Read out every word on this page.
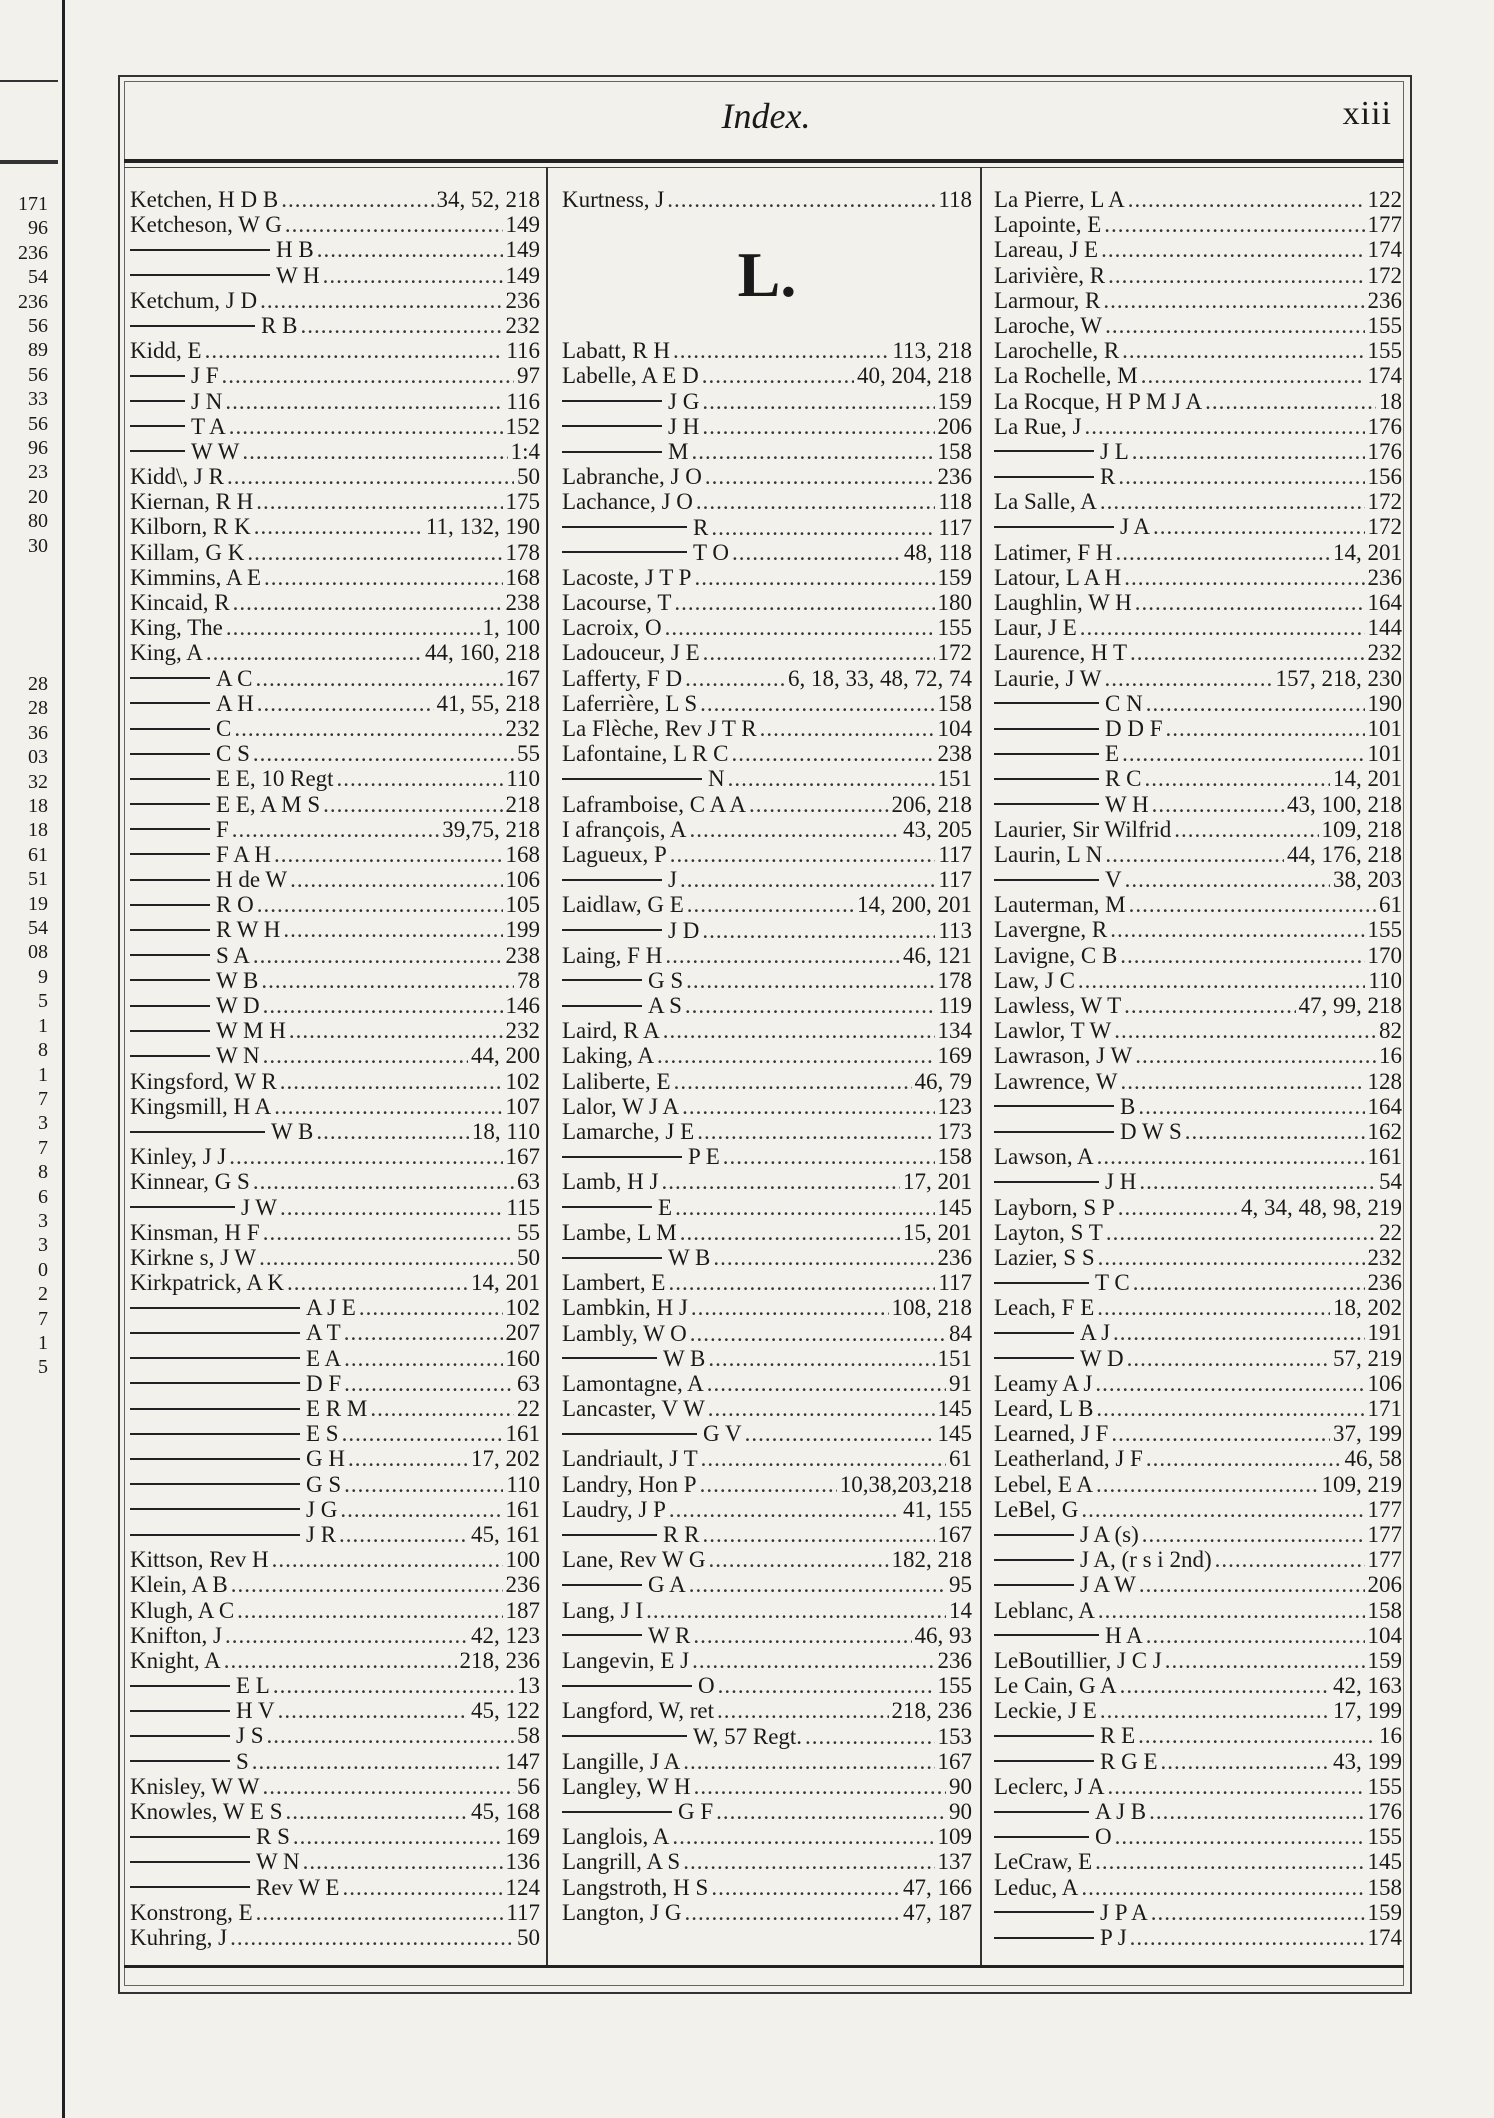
171
96
236
54
236
56
89
56
33
56
96
23
20
80
30
28
28
36
03
32
18
18
61
51
19
54
08
9
5
1
8
1
7
3
7
8
6
3
3
0
2
7
1
5

Index.	xiii
Ketchen, H D B .....	34, 52, 218
Ketcheson, W G .....	149
H B .....	149
W H .....	149
Ketchum, J D .....	236
R B .....	232
Kidd, E .....	116
J F .....	97
J N .....	116
T A .....	152
W W .....	1:4
Kidd\, J R .....	50
Kiernan, R H .....	175
Kilborn, R K .....	11, 132, 190
Killam, G K .....	178
Kimmins, A E .....	168
Kincaid, R .....	238
King, The .....	1, 100
King, A .....	44, 160, 218
A C .....	167
A H .....	41, 55, 218
C .....	232
C S .....	55
E E, 10 Regt .....	110
E E, A M S .....	218
F .....	39,75, 218
F A H .....	168
H de W .....	106
R O .....	105
R W H .....	199
S A .....	238
W B .....	78
W D .....	146
W M H .....	232
W N .....	44, 200
Kingsford, W R .....	102
Kingsmill, H A .....	107
W B .....	18, 110
Kinley, J J .....	167
Kinnear, G S .....	63
J W .....	115
Kinsman, H F .....	55
Kirkne s, J W .....	50
Kirkpatrick, A K .....	14, 201
A J E .....	102
A T .....	207
E A .....	160
D F .....	63
E R M .....	22
E S .....	161
G H .....	17, 202
G S .....	110
J G .....	161
J R .....	45, 161
Kittson, Rev H .....	100
Klein, A B .....	236
Klugh, A C .....	187
Knifton, J .....	42, 123
Knight, A .....	218, 236
E L .....	13
H V .....	45, 122
J S .....	58
S .....	147
Knisley, W W .....	56
Knowles, W E S .....	45, 168
R S .....	169
W N .....	136
Rev W E .....	124
Konstrong, E .....	117
Kuhring, J .....	50
Kurtness, J .....	118
L.
Labatt, R H .....	113, 218
Labelle, A E D .....	40, 204, 218
J G .....	159
J H .....	206
M .....	158
Labranche, J O .....	236
Lachance, J O .....	118
R .....	117
T O .....	48, 118
Lacoste, J T P .....	159
Lacourse, T .....	180
Lacroix, O .....	155
Ladouceur, J E .....	172
Lafferty, F D .....	6, 18, 33, 48, 72, 74
Laferrière, L S .....	158
La Flèche, Rev J T R .....	104
Lafontaine, L R C .....	238
N .....	151
Laframboise, C A A .....	206, 218
I afrançois, A .....	43, 205
Lagueux, P .....	117
J .....	117
Laidlaw, G E .....	14, 200, 201
J D .....	113
Laing, F H .....	46, 121
G S .....	178
A S .....	119
Laird, R A .....	134
Laking, A .....	169
Laliberte, E .....	46, 79
Lalor, W J A .....	123
Lamarche, J E .....	173
P E .....	158
Lamb, H J .....	17, 201
E .....	145
Lambe, L M .....	15, 201
W B .....	236
Lambert, E .....	117
Lambkin, H J .....	108, 218
Lambly, W O .....	84
W B .....	151
Lamontagne, A .....	91
Lancaster, V W .....	145
G V .....	145
Landriault, J T .....	61
Landry, Hon P .....	10,38,203,218
Laudry, J P .....	41, 155
R R .....	167
Lane, Rev W G .....	182, 218
G A .....	95
Lang, J I .....	14
W R .....	46, 93
Langevin, E J .....	236
O .....	155
Langford, W, ret .....	218, 236
W, 57 Regt. .....	153
Langille, J A .....	167
Langley, W H .....	90
G F .....	90
Langlois, A .....	109
Langrill, A S .....	137
Langstroth, H S .....	47, 166
Langton, J G .....	47, 187
La Pierre, L A .....	122
Lapointe, E .....	177
Lareau, J E .....	174
Larivière, R .....	172
Larmour, R .....	236
Laroche, W .....	155
Larochelle, R .....	155
La Rochelle, M .....	174
La Rocque, H P M J A .....	18
La Rue, J .....	176
J L .....	176
R .....	156
La Salle, A .....	172
J A .....	172
Latimer, F H .....	14, 201
Latour, L A H .....	236
Laughlin, W H .....	164
Laur, J E .....	144
Laurence, H T .....	232
Laurie, J W .....	157, 218, 230
C N .....	190
D D F .....	101
E .....	101
R C .....	14, 201
W H .....	43, 100, 218
Laurier, Sir Wilfrid .....	109, 218
Laurin, L N .....	44, 176, 218
V .....	38, 203
Lauterman, M .....	61
Lavergne, R .....	155
Lavigne, C B .....	170
Law, J C .....	110
Lawless, W T .....	47, 99, 218
Lawlor, T W .....	82
Lawrason, J W .....	16
Lawrence, W .....	128
B .....	164
D W S .....	162
Lawson, A .....	161
J H .....	54
Layborn, S P .....	4, 34, 48, 98, 219
Layton, S T .....	22
Lazier, S S .....	232
T C .....	236
Leach, F E .....	18, 202
A J .....	191
W D .....	57, 219
Leamy A J .....	106
Leard, L B .....	171
Learned, J F .....	37, 199
Leatherland, J F .....	46, 58
Lebel, E A .....	109, 219
LeBel, G .....	177
J A (s) .....	177
J A, (r s i 2nd) .....	177
J A W .....	206
Leblanc, A .....	158
H A .....	104
LeBoutillier, J C J .....	159
Le Cain, G A .....	42, 163
Leckie, J E .....	17, 199
R E .....	16
R G E .....	43, 199
Leclerc, J A .....	155
A J B .....	176
O .....	155
LeCraw, E .....	145
Leduc, A .....	158
J P A .....	159
P J .....	174
